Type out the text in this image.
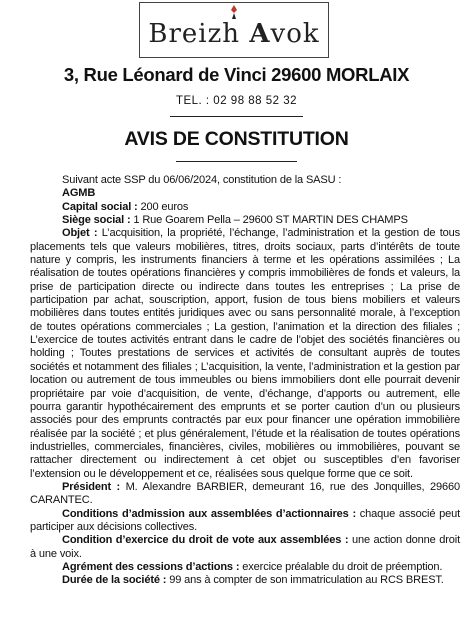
Breizh Avok
3, Rue Léonard de Vinci 29600 MORLAIX
TEL. : 02 98 88 52 32
AVIS DE CONSTITUTION

Suivant acte SSP du 06/06/2024, constitution de la SASU :

AGMB

Capital social : 200 euros

Siège social : 1 Rue Goarem Pella – 29600 ST MARTIN DES CHAMPS

Objet : L’acquisition, la propriété, l’échange, l’administration et la gestion de tous placements tels que valeurs mobilières, titres, droits sociaux, parts d’intérêts de toute nature y compris, les instruments financiers à terme et les opérations assimilées ; La réalisation de toutes opérations financières y compris immobilières de fonds et valeurs, la prise de participation directe ou indirecte dans toutes les entreprises ; La prise de participation par achat, souscription, apport, fusion de tous biens mobiliers et valeurs mobilières dans toutes entités juridiques avec ou sans personnalité morale, à l’exception de toutes opérations commerciales ; La gestion, l’animation et la direction des filiales ; L’exercice de toutes activités entrant dans le cadre de l’objet des sociétés financières ou holding ; Toutes prestations de services et activités de consultant auprès de toutes sociétés et notamment des filiales ; L’acquisition, la vente, l’administration et la gestion par location ou autrement de tous immeubles ou biens immobiliers dont elle pourrait devenir propriétaire par voie d’acquisition, de vente, d’échange, d’apports ou autrement, elle pourra garantir hypothécairement des emprunts et se porter caution d’un ou plusieurs associés pour des emprunts contractés par eux pour financer une opération immobilière réalisée par la société ; et plus généralement, l’étude et la réalisation de toutes opérations industrielles, commerciales, financières, civiles, mobilières ou immobilières, pouvant se rattacher directement ou indirectement à cet objet ou susceptibles d’en favoriser l’extension ou le développement et ce, réalisées sous quelque forme que ce soit.

Président : M. Alexandre BARBIER, demeurant 16, rue des Jonquilles, 29660 CARANTEC.

Conditions d’admission aux assemblées d’actionnaires : chaque associé peut participer aux décisions collectives.

Condition d’exercice du droit de vote aux assemblées : une action donne droit à une voix.

Agrément des cessions d’actions : exercice préalable du droit de préemption.

Durée de la société : 99 ans à compter de son immatriculation au RCS BREST.
